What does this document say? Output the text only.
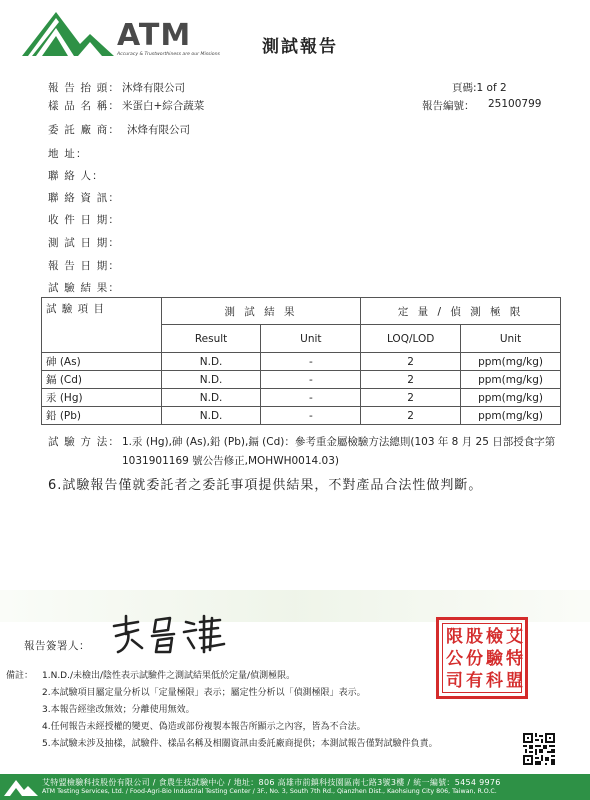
ATM
Accuracy & Trustworthiness are our Missions 測試報告
報 告 抬 頭： 沐烽有限公司
樣 品 名 稱： 米蛋白+綜合蔬菜
委 託 廠 商： 沐烽有限公司
地 址：
聯 絡 人：
聯 絡 資 訊：
收 件 日 期：
測 試 日 期：
報 告 日 期：
試 驗 結 果：
頁碼:1 of 2
報告編號： 25100799
試 驗 項 目	測 試 結 果		定 量 / 偵 測 極 限	
	Result	Unit	LOQ/LOD	Unit
砷 (As)	N.D.	-	2	ppm(mg/kg)
鎘 (Cd)	N.D.	-	2	ppm(mg/kg)
汞 (Hg)	N.D.	-	2	ppm(mg/kg)
鉛 (Pb)	N.D.	-	2	ppm(mg/kg)
試 驗 方 法： 1.汞 (Hg),砷 (As),鉛 (Pb),鎘 (Cd)：參考重金屬檢驗方法總則(103 年 8 月 25 日部授食字第 1031901169 號公告修正,MOHWH0014.03)
6.試驗報告僅就委託者之委託事項提供結果，不對產品合法性做判斷。
報告簽署人：	限 股 檢 艾
公 份 驗 特
司 有 科 盟
備註： 1.N.D./未檢出/陰性表示試驗件之測試結果低於定量/偵測極限。
2.本試驗項目屬定量分析以「定量極限」表示；屬定性分析以「偵測極限」表示。
3.本報告經塗改無效；分離使用無效。
4.任何報告未經授權的變更、偽造或部份複製本報告所顯示之內容，皆為不合法。
5.本試驗未涉及抽樣，試驗件、樣品名稱及相關資訊由委託廠商提供；本測試報告僅對試驗件負責。
艾特盟檢驗科技股份有限公司 / 食農生技試驗中心 / 地址：806 高雄市前鎮科技園區南七路3號3樓 / 統一編號：5454 9976
ATM Testing Services, Ltd. / Food-Agri-Bio Industrial Testing Center / 3F., No. 3, South 7th Rd., Qianzhen Dist., Kaohsiung City 806, Taiwan, R.O.C.
